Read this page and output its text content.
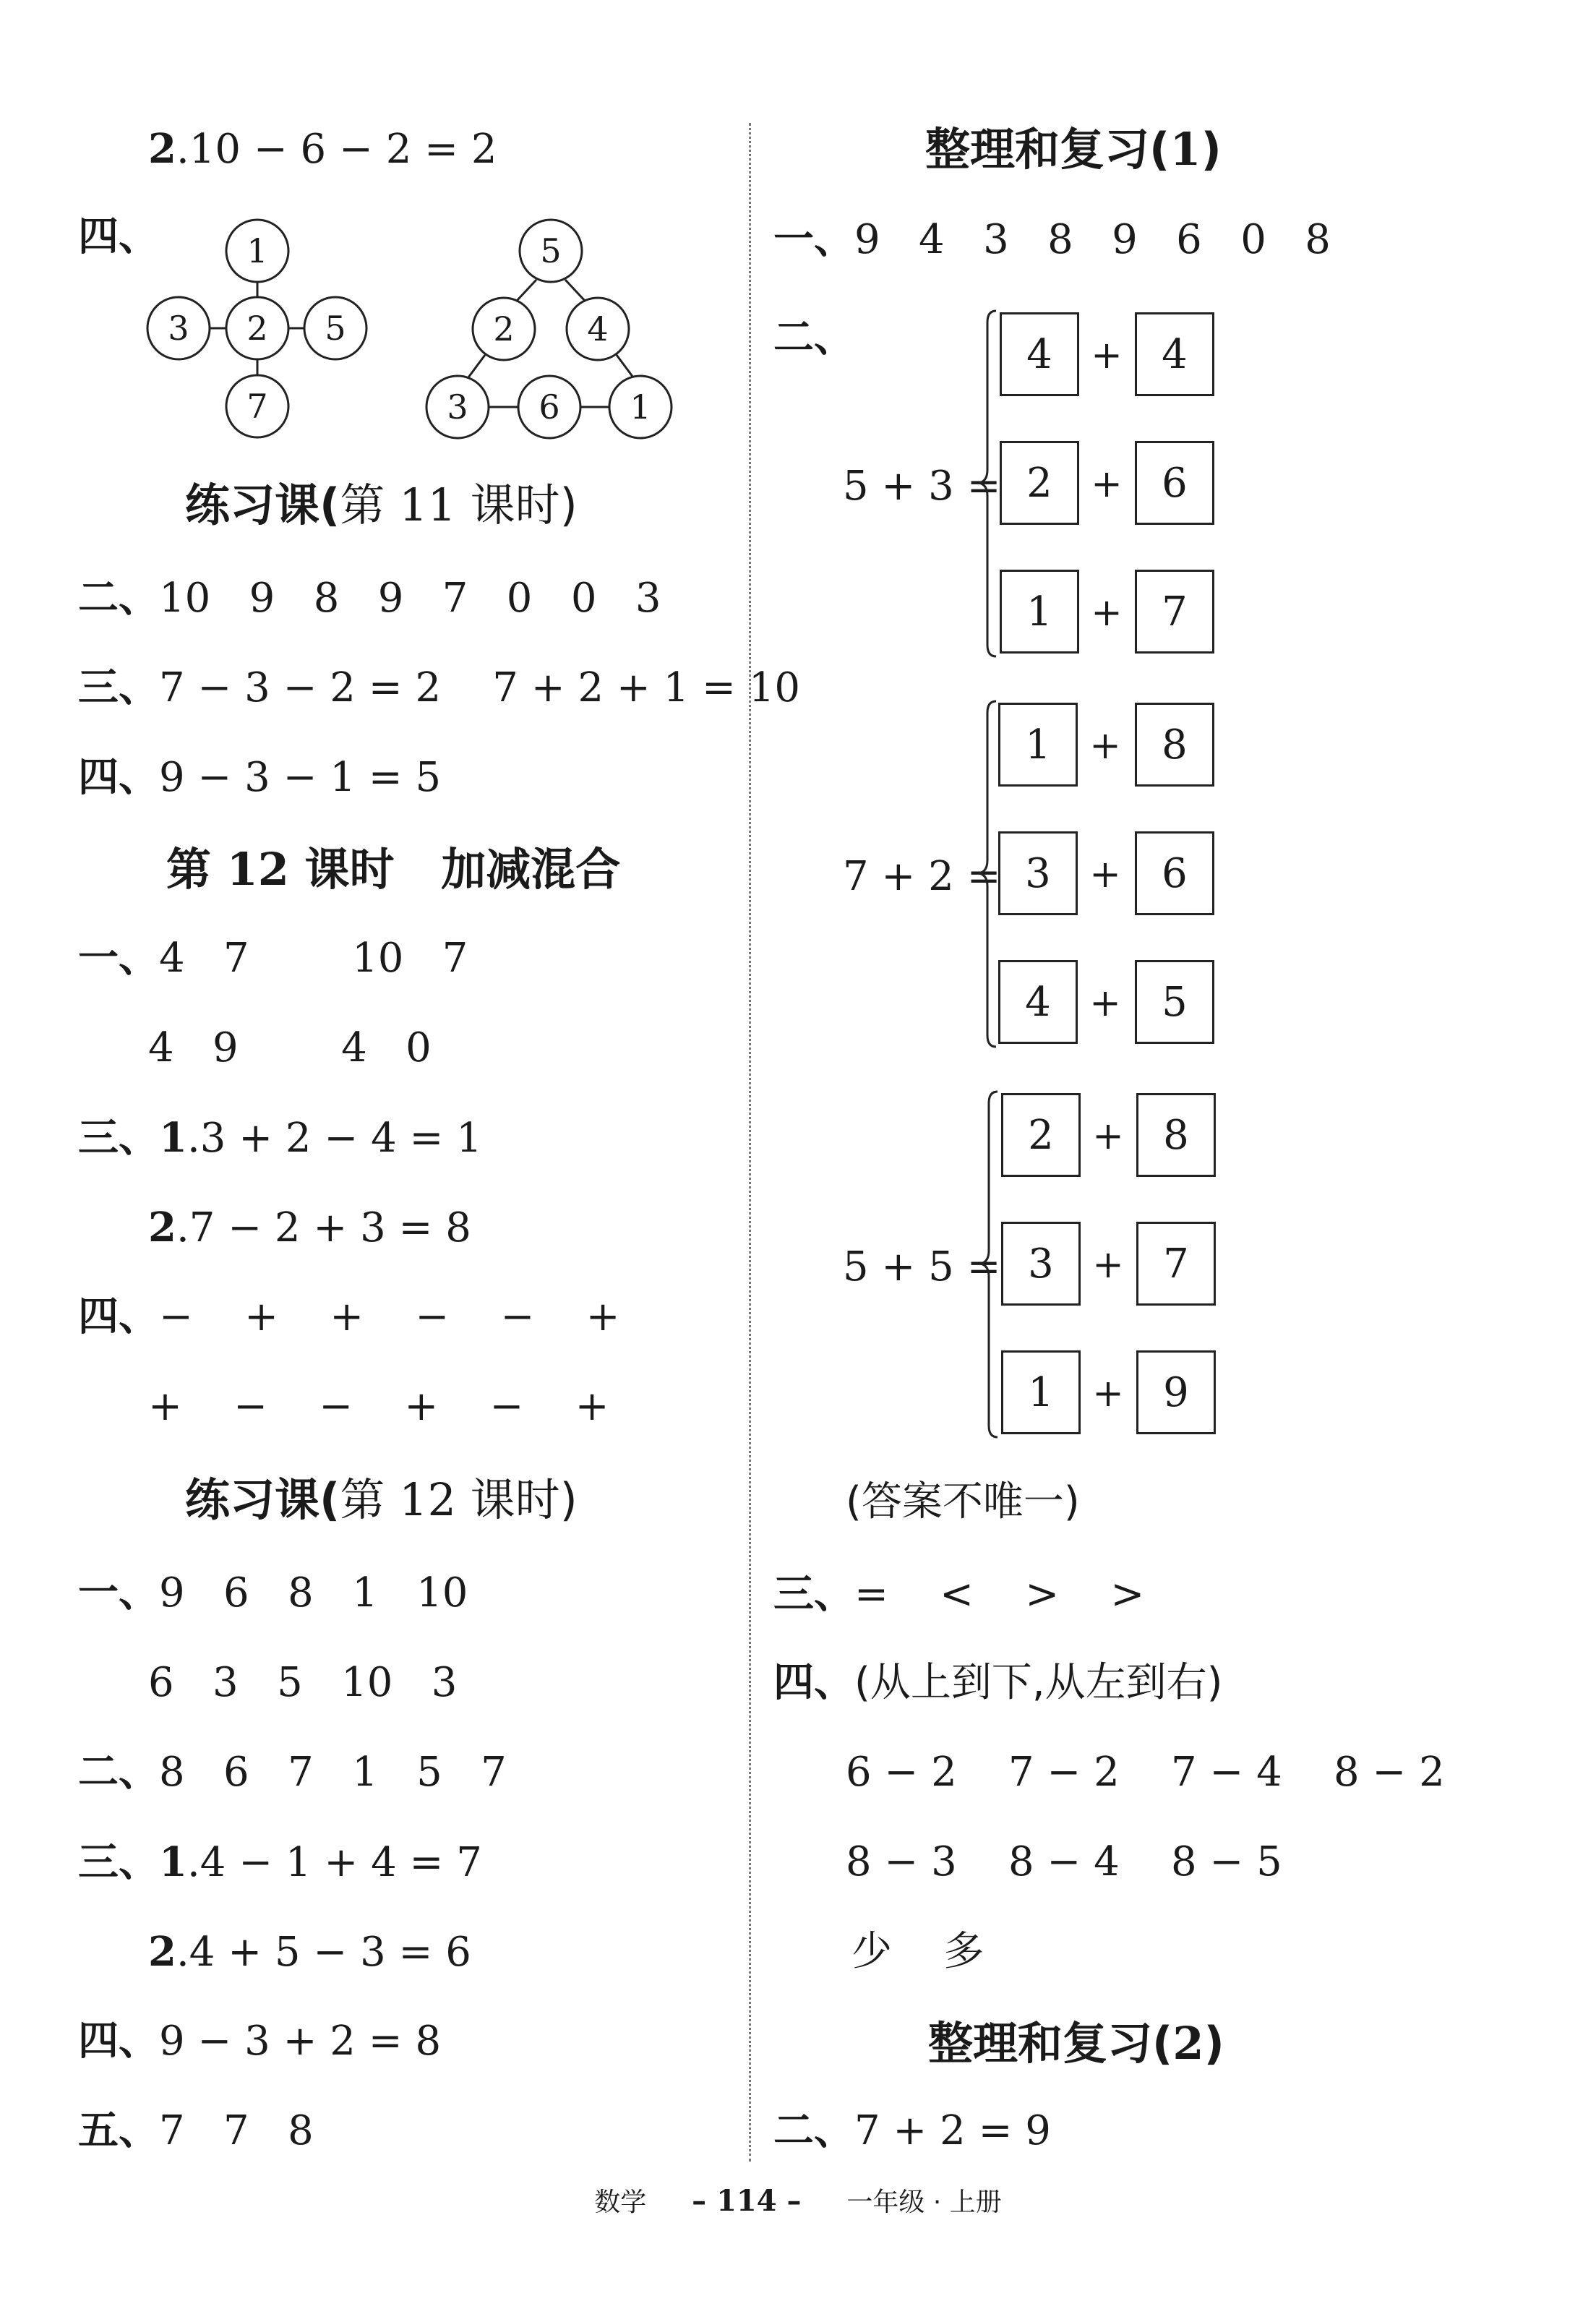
2.10 − 6 − 2 = 2
四、	1
3 2 5
7
5
2 4
3 6 1
练习课(第 11 课时)
二、10   9   8   9   7   0   0   3
三、7 − 3 − 2 = 2    7 + 2 + 1 = 10
四、9 − 3 − 1 = 5
第 12 课时   加减混合
一、4   7        10   7
4   9        4   0
三、1.3 + 2 − 4 = 1
2.7 − 2 + 3 = 8
四、−    +    +    −    −    +
+    −    −    +    −    +
练习课(第 12 课时)
一、9   6   8   1   10
6   3   5   10   3
二、8   6   7   1   5   7
三、1.4 − 1 + 4 = 7
2.4 + 5 − 3 = 6
四、9 − 3 + 2 = 8
五、7   7   8
整理和复习(1)
一、9   4   3   8   9   6   0   8
二、
5 + 3 =
4	+ 4
2	+ 6
1	+ 7
7 + 2 =
1	+	8
3	+	6
4	+	5
5 + 5 =
2	+ 8
3	+ 7
1	+ 9
(答案不唯一)
三、=    <    >    >
四、(从上到下,从左到右)
6 − 2    7 − 2    7 − 4    8 − 2
8 − 3    8 − 4    8 − 5
少    多
整理和复习(2)
二、7 + 2 = 9
数学 – 114 – 一年级 · 上册
